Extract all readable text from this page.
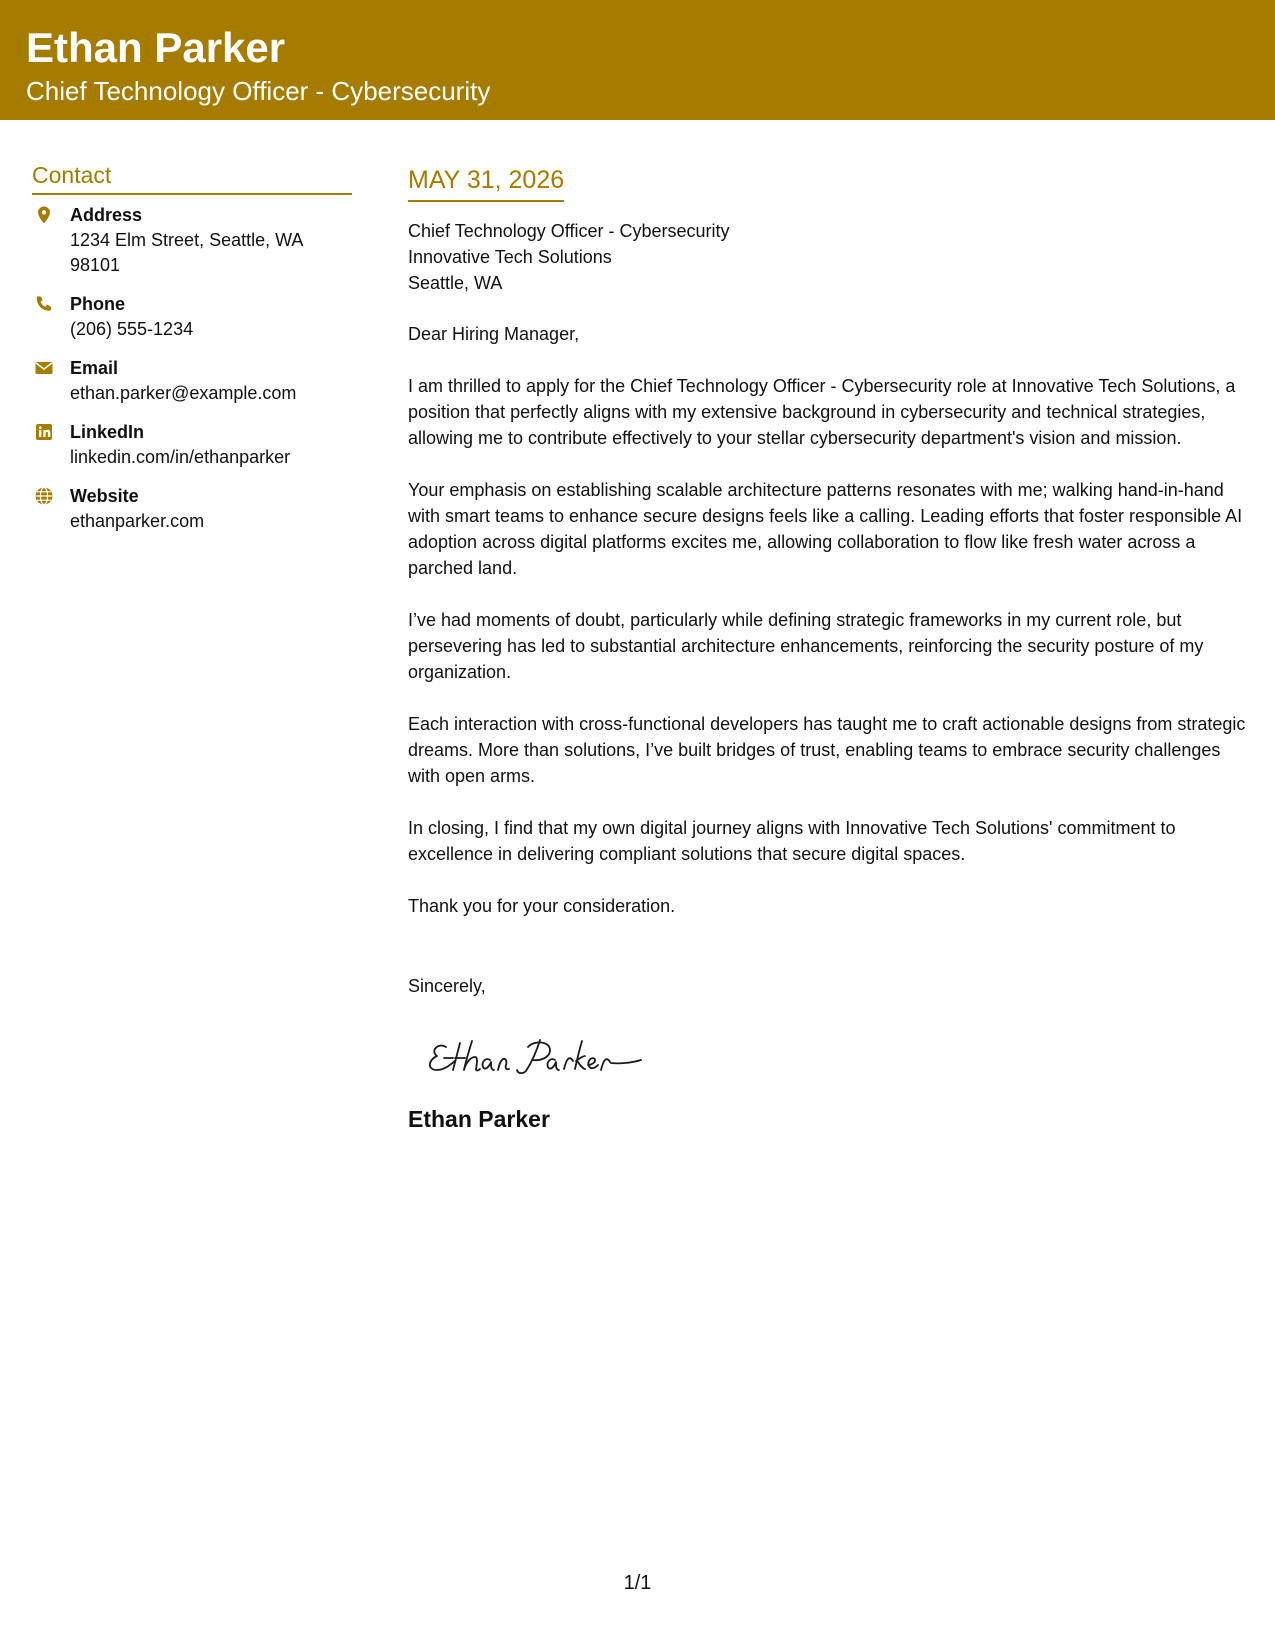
Ethan Parker
Chief Technology Officer - Cybersecurity
Contact
Address
1234 Elm Street, Seattle, WA 98101
Phone
(206) 555-1234
Email
ethan.parker@example.com
LinkedIn
linkedin.com/in/ethanparker
Website
ethanparker.com
MAY 31, 2026
Chief Technology Officer - Cybersecurity
Innovative Tech Solutions
Seattle, WA

Dear Hiring Manager,

I am thrilled to apply for the Chief Technology Officer - Cybersecurity role at Innovative Tech Solutions, a position that perfectly aligns with my extensive background in cybersecurity and technical strategies, allowing me to contribute effectively to your stellar cybersecurity department's vision and mission.

Your emphasis on establishing scalable architecture patterns resonates with me; walking hand-in-hand with smart teams to enhance secure designs feels like a calling. Leading efforts that foster responsible AI adoption across digital platforms excites me, allowing collaboration to flow like fresh water across a parched land.

I’ve had moments of doubt, particularly while defining strategic frameworks in my current role, but persevering has led to substantial architecture enhancements, reinforcing the security posture of my organization.

Each interaction with cross-functional developers has taught me to craft actionable designs from strategic dreams. More than solutions, I’ve built bridges of trust, enabling teams to embrace security challenges with open arms.

In closing, I find that my own digital journey aligns with Innovative Tech Solutions' commitment to excellence in delivering compliant solutions that secure digital spaces.

Thank you for your consideration.

Sincerely,
Ethan Parker
1/1
